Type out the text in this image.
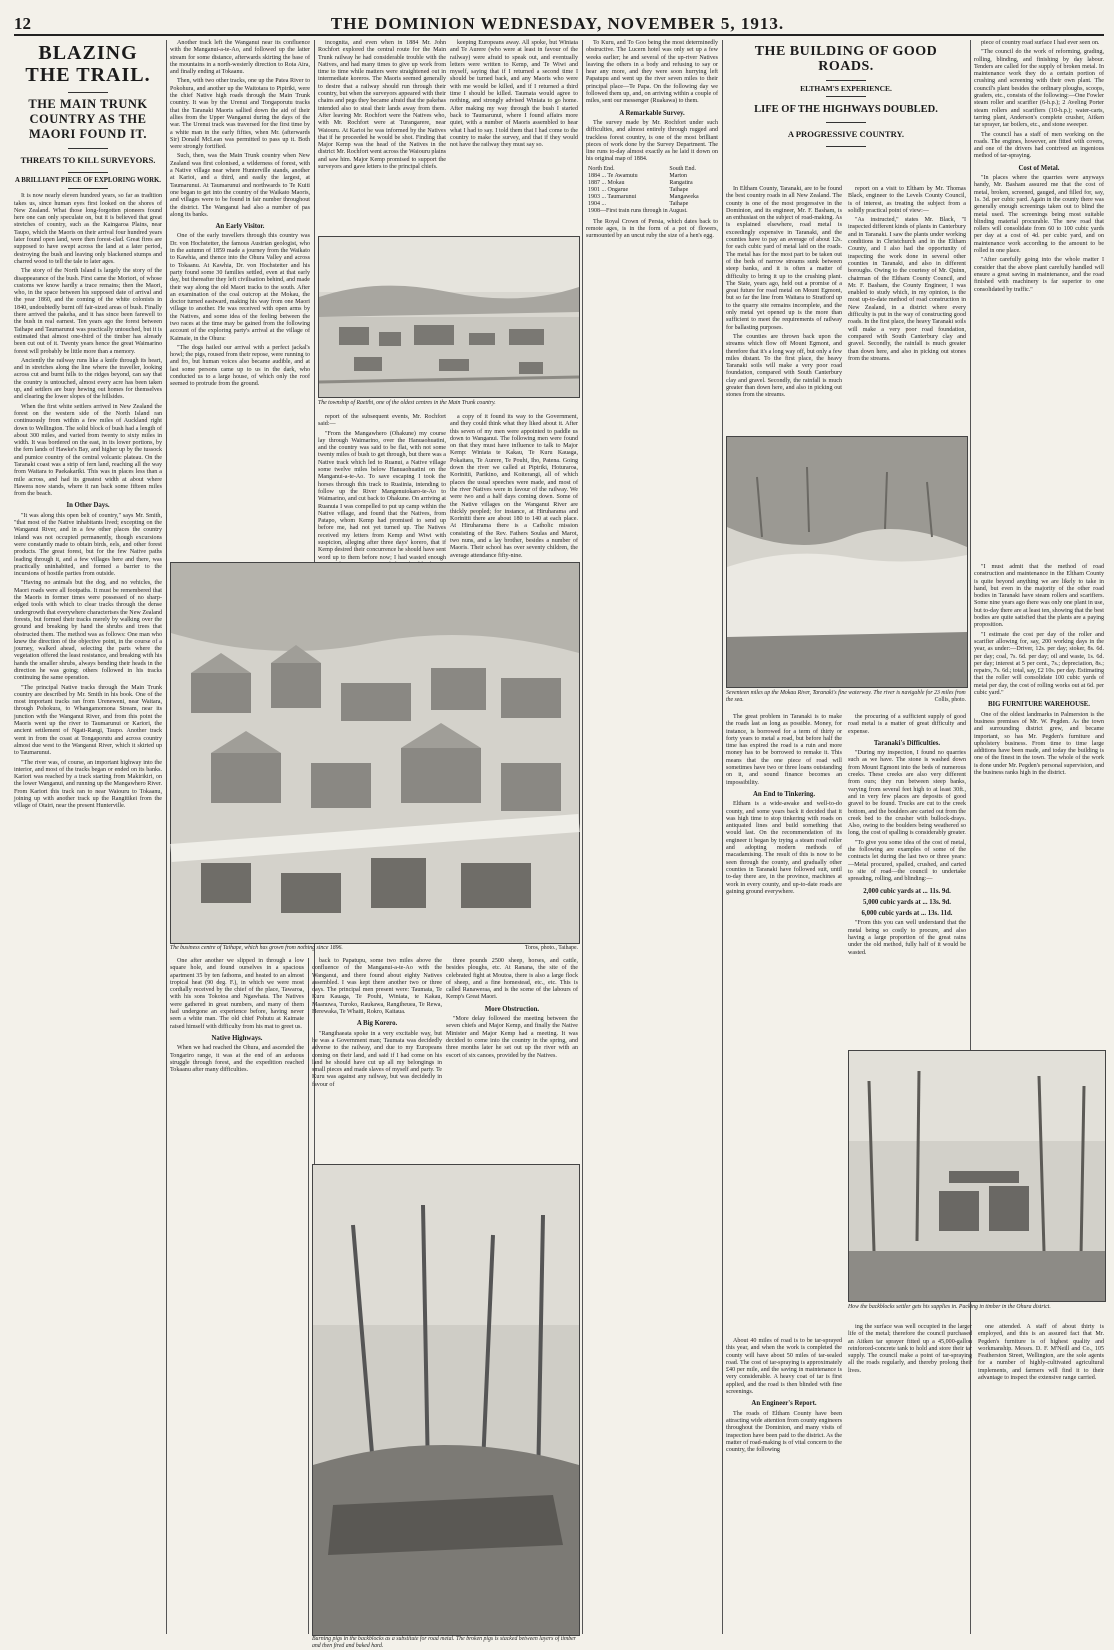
12	THE DOMINION WEDNESDAY, NOVEMBER 5, 1913.
BLAZING THE TRAIL.
THE MAIN TRUNK COUNTRY AS THE MAORI FOUND IT.
THREATS TO KILL SURVEYORS.
A BRILLIANT PIECE OF EXPLORING WORK.

It is now nearly eleven hundred years, so far as tradition takes us, since human eyes first looked on the shores of New Zealand. What those long-forgotten pioneers found here one can only speculate on, but it is believed that great stretches of country, such as the Kaingaroa Plains, near Taupo, which the Maoris on their arrival four hundred years later found open land, were then forest-clad. Great fires are supposed to have swept across the land at a later period, destroying the bush and leaving only blackened stumps and charred wood to tell the tale to later ages.

The story of the North Island is largely the story of the disappearance of the bush. First came the Moriori, of whose customs we know hardly a trace remains; then the Maori, who, in the space between his supposed date of arrival and the year 1860, and the coming of the white colonists in 1840, undoubtedly burnt off fair-sized areas of bush. Finally there arrived the pakeha, and it has since been farewell to the bush in real earnest. Ten years ago the forest between Taihape and Taumarunui was practically untouched, but it is estimated that almost one-third of the timber has already been cut out of it. Twenty years hence the great Waimarino forest will probably be little more than a memory.

Anciently the railway runs like a knife through its heart, and in stretches along the line where the traveller, looking across cut and burnt hills to the ridges beyond, can say that the country is untouched, almost every acre has been taken up, and settlers are busy hewing out homes for themselves and clearing the lower slopes of the hillsides.

When the first white settlers arrived in New Zealand the forest on the western side of the North Island ran continuously from within a few miles of Auckland right down to Wellington. The solid block of bush had a length of about 300 miles, and varied from twenty to sixty miles in width. It was bordered on the east, in its lower portions, by the fern lands of Hawke's Bay, and higher up by the tussock and pumice country of the central volcanic plateau. On the Taranaki coast was a strip of fern land, reaching all the way from Waitara to Paekakariki. This was in places less than a mile across, and had its greatest width at about where Hawera now stands, where it ran back some fifteen miles from the beach.

In Other Days.

"It was along this open belt of country," says Mr. Smith, "that most of the Native inhabitants lived; excepting on the Wanganui River, and in a few other places the country inland was not occupied permanently, though excursions were constantly made to obtain birds, eels, and other forest products. The great forest, but for the few Native paths leading through it, and a few villages here and there, was practically uninhabited, and formed a barrier to the incursions of hostile parties from outside.

"Having no animals but the dog, and no vehicles, the Maori roads were all footpaths. It must be remembered that the Maoris in former times were possessed of no sharp-edged tools with which to clear tracks through the dense undergrowth that everywhere characterises the New Zealand forests, but formed their tracks merely by walking over the ground and breaking by hand the shrubs and trees that obstructed them. The method was as follows: One man who knew the direction of the objective point, in the course of a journey, walked ahead, selecting the parts where the vegetation offered the least resistance, and breaking with his hands the smaller shrubs, always bending their heads in the direction he was going; others followed in his tracks continuing the same operation.

"The principal Native tracks through the Main Trunk country are described by Mr. Smith in his book. One of the most important tracks ran from Ureneweni, near Waitara, through Pohokura, to Whangamomona Stream, near its junction with the Wanganui River, and from this point the Maoris went up the river to Taumarunui or Kariori, the ancient settlement of Ngati-Rangi, Taupo. Another track went in from the coast at Tongaporutu and across country almost due west to the Wanganui River, which it skirted up to Taumarunui.

"The river was, of course, an important highway into the interior, and most of the tracks began or ended on its banks. Kariori was reached by a track starting from Makirikiri, on the lower Wanganui, and running up the Mangawhero River. From Kariori this track ran to near Waiouru to Tokaanu, joining up with another track up the Rangitikei from the village of Otairi, near the present Hunterville.

Another track left the Wanganui near its confluence with the Manganui-a-te-Ao, and followed up the latter stream for some distance, afterwards skirting the base of the mountains in a north-westerly direction to Rota Aira, and finally ending at Tokaanu.

Then, with two other tracks, one up the Patea River to Pokohura, and another up the Waitotara to Pipiriki, were the chief Native high roads through the Main Trunk country. It was by the Urenui and Tongaporutu tracks that the Taranaki Maoris sallied down the aid of their allies from the Upper Wanganui during the days of the war. The Urenui track was traversed for the first time by a white man in the early fifties, when Mr. (afterwards Sir) Donald McLean was permitted to pass up it. Both were strongly fortified.

Such, then, was the Main Trunk country when New Zealand was first colonised, a wilderness of forest, with a Native village near where Hunterville stands, another at Karioi, and a third, and easily the largest, at Taumarunui. At Taumarunui and northwards to Te Kuiti one began to get into the country of the Waikato Maoris, and villages were to be found in fair number throughout the district. The Wanganui had also a number of pas along its banks.

An Early Visitor.

One of the early travellers through this country was Dr. von Hochstetter, the famous Austrian geologist, who in the autumn of 1859 made a journey from the Waikato to Kawhia, and thence into the Ohura Valley and across to Tokaanu. At Kawhia, Dr. von Hochstetter and his party found some 30 families settled, even at that early day, but thereafter they left civilisation behind, and made their way along the old Maori tracks to the south. After an examination of the coal outcrop at the Mokau, the doctor turned eastward, making his way from one Maori village to another. He was received with open arms by the Natives, and some idea of the feeling between the two races at the time may be gained from the following account of the exploring party's arrival at the village of Kaimaie, in the Ohura:

"The dogs hailed our arrival with a perfect jackal's howl; the pigs, roused from their repose, were running to and fro, but human voices also became audible, and at last some persons came up to us in the dark, who conducted us to a large house, of which only the roof seemed to protrude from the ground.

incognita, and even when in 1884 Mr. John Rochfort explored the central route for the Main Trunk railway he had considerable trouble with the Natives, and had many times to give up work from time to time while matters were straightened out in intermediate koreros. The Maoris seemed generally to desire that a railway should run through their country, but when the surveyors appeared with their chains and pegs they became afraid that the pakehas intended also to steal their lands away from them. After leaving Mr. Rochfort were the Natives who, with Mr. Rochfort were at Turangarere, near Waiouru. At Karioi he was informed by the Natives that if he proceeded he would be shot. Finding that Major Kemp was the head of the Natives in the district Mr. Rochfort went across the Waiouru plains and saw him. Major Kemp promised to support the surveyors and gave letters to the principal chiefs.

keeping Europeans away. All spoke, but Winiata and Te Aurere (who were at least in favour of the railway) were afraid to speak out, and eventually letters were written to Kemp, and Te Wiwi and myself, saying that if I returned a second time I should be turned back, and any Maoris who were with me would be killed, and if I returned a third time I should be killed. Taumata would agree to nothing, and strongly advised Winiata to go home. After making my way through the bush I started back to Taumarunui, where I found affairs more quiet, with a number of Maoris assembled to hear what I had to say. I told them that I had come to the country to make the survey, and that if they would not have the railway they must say so.

The township of Raetihi, one of the oldest centres in the Main Trunk country.

report of the subsequent events, Mr. Rochfort said:—

"From the Mangawhero (Ohakune) my course lay through Waimarino, over the Hanuaohuatini, and the country was said to be flat, with not some twenty miles of bush to get through, but there was a Native track which led to Ruanui, a Native village some twelve miles below Hanuaohuatini on the Manganui-a-te-Ao. To save escaping I took the horses through this track to Ruaiinia, intending to follow up the River Mangenuiokaro-te-Ao to Waimarino, and cut back to Ohakune. On arriving at Ruanuia I was compelled to put up camp within the Native village, and found that the Natives, from Patapo, whom Kemp had promised to send up before me, had not yet turned up. The Natives received my letters from Kemp and Wiwi with suspicion, alleging after three days' korero, that if Kemp desired their concurrence he should have sent word up to them before now; I had wasted enough

a copy of it found its way to the Government, and they could think what they liked about it. After this seven of my men were appointed to paddle us down to Wanganui. The following men were found on that they must have influence to talk to Major Kemp: Winiata te Kakau, Te Kuru Kauaga, Pokaitara, Te Aurere, Te Pouhi, Iho, Patena. Going down the river we called at Pipiriki, Hoturaroa, Korinitii, Parikino, and Koiterangi, all of which places the usual speeches were made, and most of the river Natives were in favour of the railway. We were two and a half days coming down. Some of the Native villages on the Wanganui River are thickly peopled; for instance, at Hiruharama and Korinitii there are about 180 to 140 at each place. At Hiruharama there is a Catholic mission consisting of the Rev. Fathers Soulas and Marot, two nuns, and a lay brother, besides a number of Maoris. Their school has over seventy children, the average attendance fifty-nine.

The business centre of Taihape, which has grown from nothing since 1896.	Toros, photo., Taihape.

One after another we slipped in through a low square hole, and found ourselves in a spacious apartment 35 by ten fathoms, and heated to an almost tropical heat (90 deg. F.), in which we were most cordially received by the chief of the place, Tawaroa, with his sons Tokotoa and Ngawhata. The Natives were gathered in great numbers, and many of them had undergone an experience before, having never seen a white man. The old chief Pohutu at Kaimaie raised himself with difficulty from his mat to greet us.

Native Highways.

When we had reached the Ohura, and ascended the Tongariro range, it was at the end of an arduous struggle through forest, and the expedition reached Tokaanu after many difficulties.

back to Papatupu, some two miles above the confluence of the Manganui-a-te-Ao with the Wanganui, and there found about eighty Natives assembled. I was kept there another two or three days. The principal men present were: Taumata, Te Kuru Kauaga, Te Pouhi, Winiata, te Kakau, Maanuwa, Turoko, Raukawa, Rangiheuea, Te Rewa, Herewaka, Te Whaiti, Rokro, Kaitaua.

A Big Korero.

"Rangihaeata spoke in a very excitable way, but he was a Government man; Taumata was decidedly adverse to the railway, and due to my Europeans coming on their land, and said if I had come on his land he should have cut up all my belongings in small pieces and made slaves of myself and party. Te Kuru was against any railway, but was decidedly in favour of

three pounds 2500 sheep, horses, and cattle, besides ploughs, etc. At Ranana, the site of the celebrated fight at Moutoa, there is also a large flock of sheep, and a fine homestead, etc., etc. This is called Ranaweraa, and is the scene of the labours of Kemp's Great Maori.

More Obstruction.

"More delay followed the meeting between the seven chiefs and Major Kemp, and finally the Native Minister and Major Kemp had a meeting. It was decided to come into the country in the spring, and three months later he set out up the river with an escort of six canoes, provided by the Natives.

Burning pigs in the backblocks as a substitute for road metal. The broken pigs is stacked between layers of timber and then fired and baked hard.

To Kuru, and To Goo being the most determinedly obstructive. The Lucern hotel was only set up a few weeks earlier; he and several of the up-river Natives leaving the others in a body and refusing to say or hear any more, and they were soon hurrying left Papatupu and went up the river seven miles to their principal place—Te Papa. On the following day we followed them up, and, on arriving within a couple of miles, sent our messenger (Ruakawa) to them.

A Remarkable Survey.

The survey made by Mr. Rochfort under such difficulties, and almost entirely through rugged and trackless forest country, is one of the most brilliant pieces of work done by the Survey Department. The line runs to-day almost exactly as he laid it down on his original map of 1884.

North End.	South End.
1884 ... Te Awamutu	Marton
1887 ... Mokau	Rangatira
1901 ... Ongarue	Taihape
1903 ... Taumarunui	Mangaweka
1904 ...	Taihape
1908—First train runs through in August.	

The Royal Crown of Persia, which dates back to remote ages, is in the form of a pot of flowers, surmounted by an uncut ruby the size of a hen's egg.

THE BUILDING OF GOOD ROADS.
ELTHAM'S EXPERIENCE.
LIFE OF THE HIGHWAYS DOUBLED.
A PROGRESSIVE COUNTRY.

In Eltham County, Taranaki, are to be found the best country roads in all New Zealand. The county is one of the most progressive in the Dominion, and its engineer, Mr. F. Basham, is an enthusiast on the subject of road-making. As is explained elsewhere, road metal is exceedingly expensive in Taranaki, and the counties have to pay an average of about 12s. for each cubic yard of metal laid on the roads. The metal has for the most part to be taken out of the beds of narrow streams sunk between steep banks, and it is often a matter of difficulty to bring it up to the crushing plant. The State, years ago, held out a promise of a great future for road metal on Mount Egmont, but so far the line from Waitara to Stratford up to the quarry site remains incomplete, and the only metal yet opened up is the more than sufficient to meet the requirements of railway for ballasting purposes.

The counties are thrown back upon the streams which flow off Mount Egmont, and therefore that it's a long way off, but only a few miles distant. To the first place, the heavy Taranaki soils will make a very poor road foundation, compared with South Canterbury clay and gravel. Secondly, the rainfall is much greater than down here, and also in picking out stones from the streams.

report on a visit to Eltham by Mr. Thomas Black, engineer to the Levels County Council, is of interest, as treating the subject from a solidly practical point of view:—

"As instructed," states Mr. Black, "I inspected different kinds of plants in Canterbury and in Taranaki. I saw the plants under working conditions in Christchurch and in the Eltham County, and I also had the opportunity of inspecting the work done in several other counties in Taranaki, and also in different boroughs. Owing to the courtesy of Mr. Quinn, chairman of the Eltham County Council, and Mr. F. Basham, the County Engineer, I was enabled to study which, in my opinion, is the most up-to-date method of road construction in New Zealand, in a district where every difficulty is put in the way of constructing good roads. In the first place, the heavy Taranaki soils will make a very poor road foundation, compared with South Canterbury clay and gravel. Secondly, the rainfall is much greater than down here, and also in picking out stones from the streams.

Seventeen miles up the Mokau River, Taranaki's fine waterway. The river is navigable for 23 miles from the sea.	Collis, photo.

The great problem in Taranaki is to make the roads last as long as possible. Money, for instance, is borrowed for a term of thirty or forty years to metal a road, but before half the time has expired the road is a ruin and more money has to be borrowed to remake it. This means that the one piece of road will sometimes have two or three loans outstanding on it, and sound finance becomes an impossibility.

An End to Tinkering.

Eltham is a wide-awake and well-to-do county, and some years back it decided that it was high time to stop tinkering with roads on antiquated lines and build something that would last. On the recommendation of its engineer it began by trying a steam road roller and adopting modern methods of macadamising. The result of this is now to be seen through the county, and gradually other counties in Taranaki have followed suit, until to-day there are, in the province, machines at work in every county, and up-to-date roads are gaining ground everywhere.

the procuring of a sufficient supply of good road metal is a matter of great difficulty and expense.

Taranaki's Difficulties.

"During my inspection, I found no quarries such as we have. The stone is washed down from Mount Egmont into the beds of numerous creeks. These creeks are also very different from ours; they run between steep banks, varying from several feet high to at least 30ft., and in very few places are deposits of good gravel to be found. Trucks are cut to the creek bottom, and the boulders are carted out from the creek bed to the crusher with bullock-drays. Also, owing to the boulders being weathered so long, the cost of spalling is considerably greater.

"To give you some idea of the cost of metal, the following are examples of some of the contracts let during the last two or three years:—Metal procured, spalled, crushed, and carted to site of road—the council to undertake spreading, rolling, and blinding:—

2,000 cubic yards at ... 11s. 9d.
5,000 cubic yards at ... 13s. 9d.
6,000 cubic yards at ... 13s. 11d.

"From this you can well understand that the metal being so costly to procure, and also having a large proportion of the great rains under the old method, fully half of it would be wasted.

piece of country road surface I had ever seen on.

"The council do the work of reforming, grading, rolling, blinding, and finishing by day labour. Tenders are called for the supply of broken metal. In maintenance work they do a certain portion of crushing and screening with their own plant. The council's plant besides the ordinary ploughs, scoops, graders, etc., consists of the following:—One Fowler steam roller and scarifier (6-h.p.); 2 Aveling Porter steam rollers and scarifiers (10-h.p.); water-carts, tarring plant, Anderson's complete crusher, Aitken tar sprayer, tar boilers, etc., and stone sweeper.

The council has a staff of men working on the roads. The engines, however, are fitted with covers, and one of the drivers had contrived an ingenious method of tar-spraying.

Cost of Metal.

"In places where the quarries were anyways handy, Mr. Basham assured me that the cost of metal, broken, screened, gauged, and filled for, say, 1s. 3d. per cubic yard. Again in the county there was generally enough screenings taken out to blind the metal used. The screenings being most suitable blinding material procurable. The new road that rollers will consolidate from 60 to 100 cubic yards per day at a cost of 4d. per cubic yard, and on maintenance work according to the amount to be rolled in one place.

"After carefully going into the whole matter I consider that the above plant carefully handled will ensure a great saving in maintenance, and the road finished with machinery is far superior to one consolidated by traffic."

"I must admit that the method of road construction and maintenance in the Eltham County is quite beyond anything we are likely to take in hand, but even in the majority of the other road bodies in Taranaki have steam rollers and scarifiers. Some nine years ago there was only one plant in use, but to-day there are at least ten, showing that the best bodies are quite satisfied that the plants are a paying proposition.

"I estimate the cost per day of the roller and scarifier allowing for, say, 200 working days in the year, as under:—Driver, 12s. per day; stoker, 8s. 6d. per day; coal, 7s. 6d. per day; oil and waste, 1s. 6d. per day; interest at 5 per cent., 7s.; depreciation, 8s.; repairs, 7s. 6d.; total, say, £2 10s. per day. Estimating that the roller will consolidate 100 cubic yards of metal per day, the cost of rolling works out at 6d. per cubic yard."

BIG FURNITURE WAREHOUSE.

One of the oldest landmarks in Palmerston is the business premises of Mr. W. Pegden. As the town and surrounding district grew, and became important, so has Mr. Pegden's furniture and upholstery business. From time to time large additions have been made, and today the building is one of the finest in the town. The whole of the work is done under Mr. Pegden's personal supervision, and the business ranks high in the district.

How the backblocks settler gets his supplies in. Packing in timber in the Ohura district.

About 40 miles of road is to be tar-sprayed this year, and when the work is completed the county will have about 50 miles of tar-sealed road. The cost of tar-spraying is approximately £40 per mile, and the saving in maintenance is very considerable. A heavy coat of tar is first applied, and the road is then blinded with fine screenings.

An Engineer's Report.

The roads of Eltham County have been attracting wide attention from county engineers throughout the Dominion, and many visits of inspection have been paid to the district. As the matter of road-making is of vital concern to the country, the following

ing the surface was well occupied in the larger life of the metal; therefore the council purchased an Aitken tar sprayer fitted up a 45,000-gallon reinforced-concrete tank to hold and store their tar supply. The council make a point of tar-spraying all the roads regularly, and thereby prolong their lives.

one attended. A staff of about thirty is employed, and this is an assured fact that Mr. Pegden's furniture is of highest quality and workmanship. Messrs. D. F. M'Neill and Co., 105 Featherston Street, Wellington, are the sole agents for a number of highly-cultivated agricultural implements, and farmers will find it to their advantage to inspect the extensive range carried.
